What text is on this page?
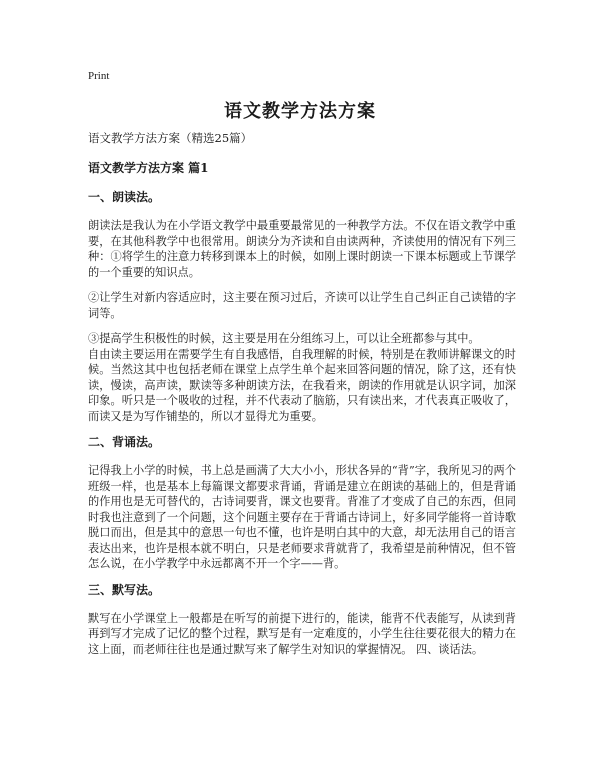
Print
语文教学方法方案

语文教学方法方案（精选25篇）

语文教学方法方案 篇1

一、朗读法。

朗读法是我认为在小学语文教学中最重要最常见的一种教学方法。不仅在语文教学中重要，在其他科教学中也很常用。朗读分为齐读和自由读两种，齐读使用的情况有下列三种：①将学生的注意力转移到课本上的时候，如刚上课时朗读一下课本标题或上节课学的一个重要的知识点。

②让学生对新内容适应时，这主要在预习过后，齐读可以让学生自己纠正自己读错的字词等。

③提高学生积极性的时候，这主要是用在分组练习上，可以让全班都参与其中。

自由读主要运用在需要学生有自我感悟，自我理解的时候，特别是在教师讲解课文的时候。当然这其中也包括老师在课堂上点学生单个起来回答问题的情况，除了这，还有快读，慢读，高声读，默读等多种朗读方法，在我看来，朗读的作用就是认识字词，加深印象。听只是一个吸收的过程，并不代表动了脑筋，只有读出来，才代表真正吸收了，而读又是为写作铺垫的，所以才显得尤为重要。

二、背诵法。

记得我上小学的时候，书上总是画满了大大小小，形状各异的“背”字，我所见习的两个班级一样，也是基本上每篇课文都要求背诵，背诵是建立在朗读的基础上的，但是背诵的作用也是无可替代的，古诗词要背，课文也要背。背准了才变成了自己的东西，但同时我也注意到了一个问题，这个问题主要存在于背诵古诗词上，好多同学能将一首诗歌脱口而出，但是其中的意思一句也不懂，也许是明白其中的大意，却无法用自己的语言表达出来，也许是根本就不明白，只是老师要求背就背了，我希望是前种情况，但不管怎么说，在小学教学中永远都离不开一个字——背。

三、默写法。

默写在小学课堂上一般都是在听写的前提下进行的，能读，能背不代表能写，从读到背再到写才完成了记忆的整个过程，默写是有一定难度的，小学生往往要花很大的精力在这上面，而老师往往也是通过默写来了解学生对知识的掌握情况。 四、谈话法。
